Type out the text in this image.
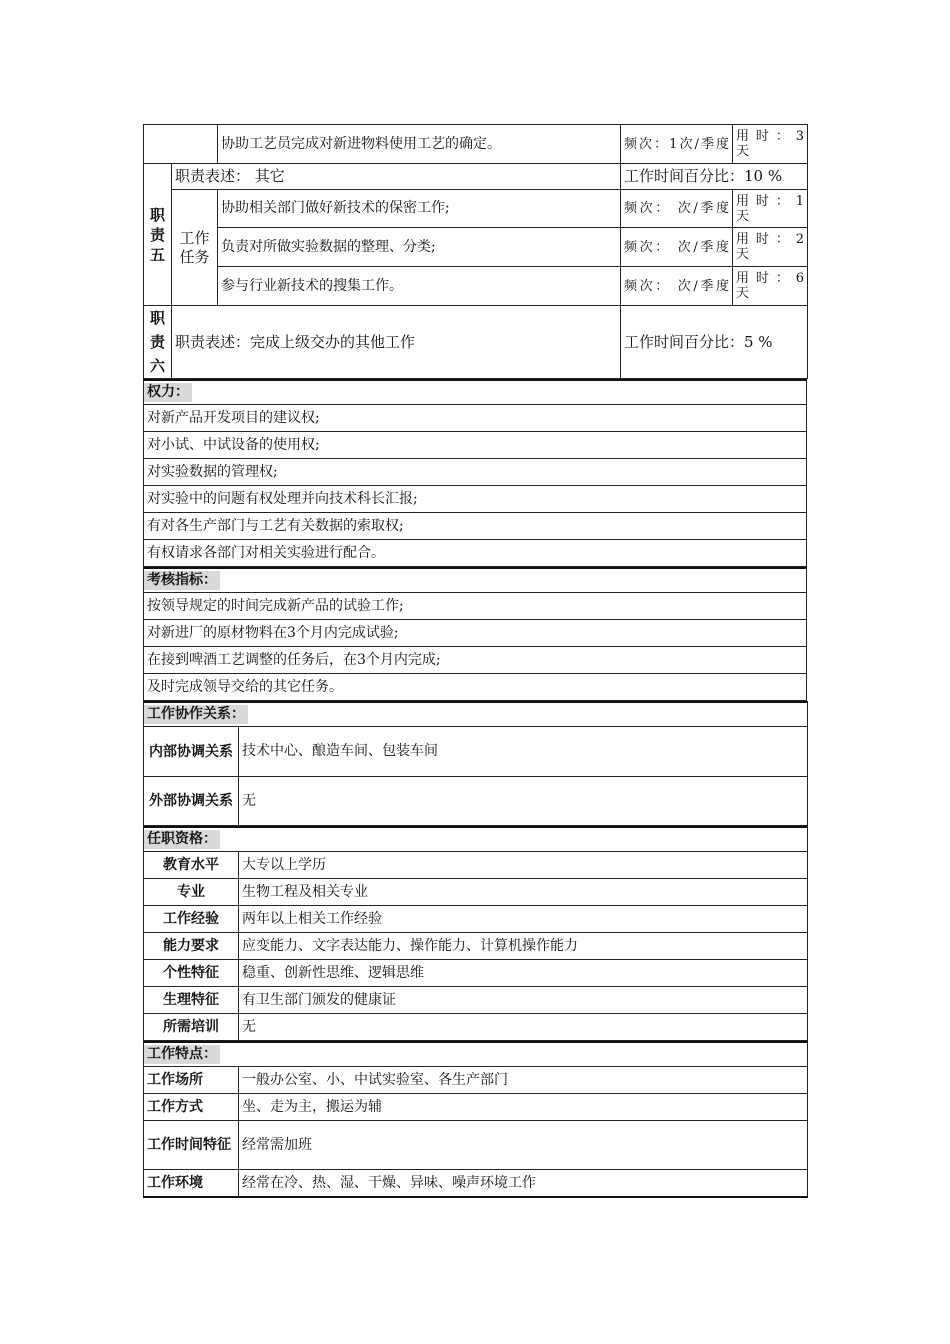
		协助工艺员完成对新进物料使用工艺的确定。	频次：1次/季度	用 时 ： 3天
职责五	职责表述： 其它		工作时间百分比：10 %	
	工作任务	协助相关部门做好新技术的保密工作;	频次： 次/季度	用 时 ： 1天
		负责对所做实验数据的整理、分类;	频次： 次/季度	用 时 ： 2天
		参与行业新技术的搜集工作。	频次： 次/季度	用 时 ： 6天
职责六	职责表述：完成上级交办的其他工作		工作时间百分比：5 %	
权力：
对新产品开发项目的建议权;
对小试、中试设备的使用权;
对实验数据的管理权;
对实验中的问题有权处理并向技术科长汇报;
有对各生产部门与工艺有关数据的索取权;
有权请求各部门对相关实验进行配合。
考核指标：
按领导规定的时间完成新产品的试验工作;
对新进厂的原材物料在3个月内完成试验;
在接到啤酒工艺调整的任务后，在3个月内完成;
及时完成领导交给的其它任务。
工作协作关系：	
内部协调关系	技术中心、酿造车间、包装车间
外部协调关系	无
任职资格：	
教育水平	大专以上学历
专业	生物工程及相关专业
工作经验	两年以上相关工作经验
能力要求	应变能力、文字表达能力、操作能力、计算机操作能力
个性特征	稳重、创新性思维、逻辑思维
生理特征	有卫生部门颁发的健康证
所需培训	无
工作特点：	
工作场所	一般办公室、小、中试实验室、各生产部门
工作方式	坐、走为主，搬运为辅
工作时间特征	经常需加班
工作环境	经常在冷、热、湿、干燥、异味、噪声环境工作
